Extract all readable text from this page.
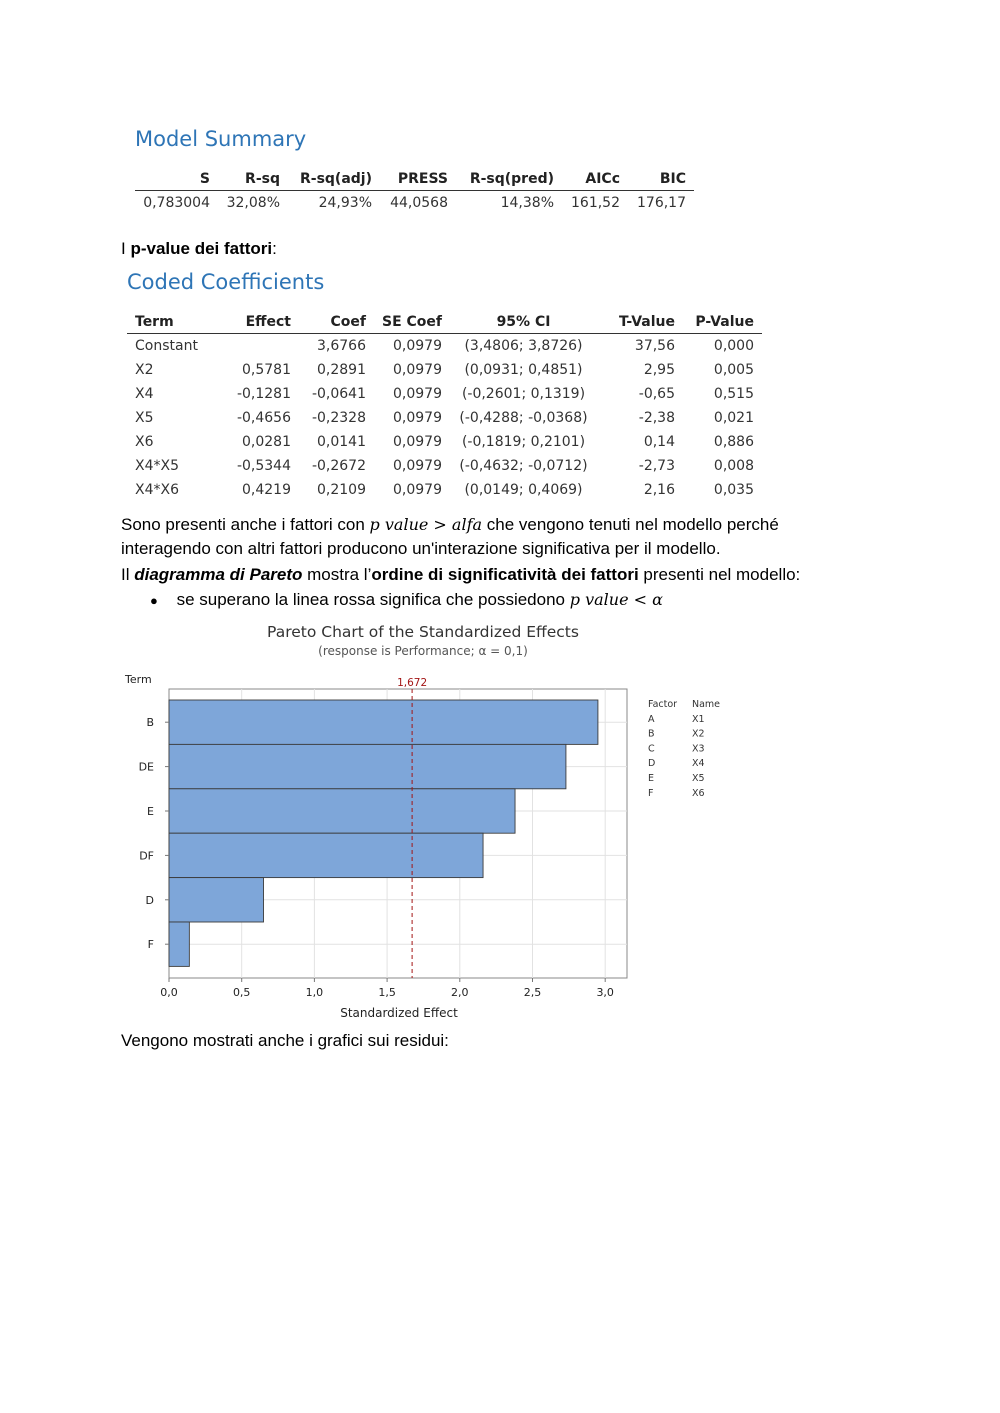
Model Summary
S	R-sq	R-sq(adj)	PRESS	R-sq(pred)	AICc	BIC
0,783004	32,08%	24,93%	44,0568	14,38%	161,52	176,17
I p-value dei fattori:
Coded Coefficients
Term	Effect	Coef	SE Coef	95% CI	T-Value	P-Value
Constant		3,6766	0,0979	(3,4806; 3,8726)	37,56	0,000
X2	0,5781	0,2891	0,0979	(0,0931; 0,4851)	2,95	0,005
X4	-0,1281	-0,0641	0,0979	(-0,2601; 0,1319)	-0,65	0,515
X5	-0,4656	-0,2328	0,0979	(-0,4288; -0,0368)	-2,38	0,021
X6	0,0281	0,0141	0,0979	(-0,1819; 0,2101)	0,14	0,886
X4*X5	-0,5344	-0,2672	0,0979	(-0,4632; -0,0712)	-2,73	0,008
X4*X6	0,4219	0,2109	0,0979	(0,0149; 0,4069)	2,16	0,035
Sono presenti anche i fattori con p value > alfa che vengono tenuti nel modello perché
interagendo con altri fattori producono un'interazione significativa per il modello.
Il diagramma di Pareto mostra l’ordine di significatività dei fattori presenti nel modello:
● se superano la linea rossa significa che possiedono p value < α
Pareto Chart of the Standardized Effects
(response is Performance; α = 0,1)
Term
Standardized Effect
0,0	0,5	1,0	1,5	2,0	2,5	3,0
B
DE
E
DF
D
F
1,672
Factor Name
A	X1
B	X2
C	X3
D	X4
E	X5
F	X6
Vengono mostrati anche i grafici sui residui:
